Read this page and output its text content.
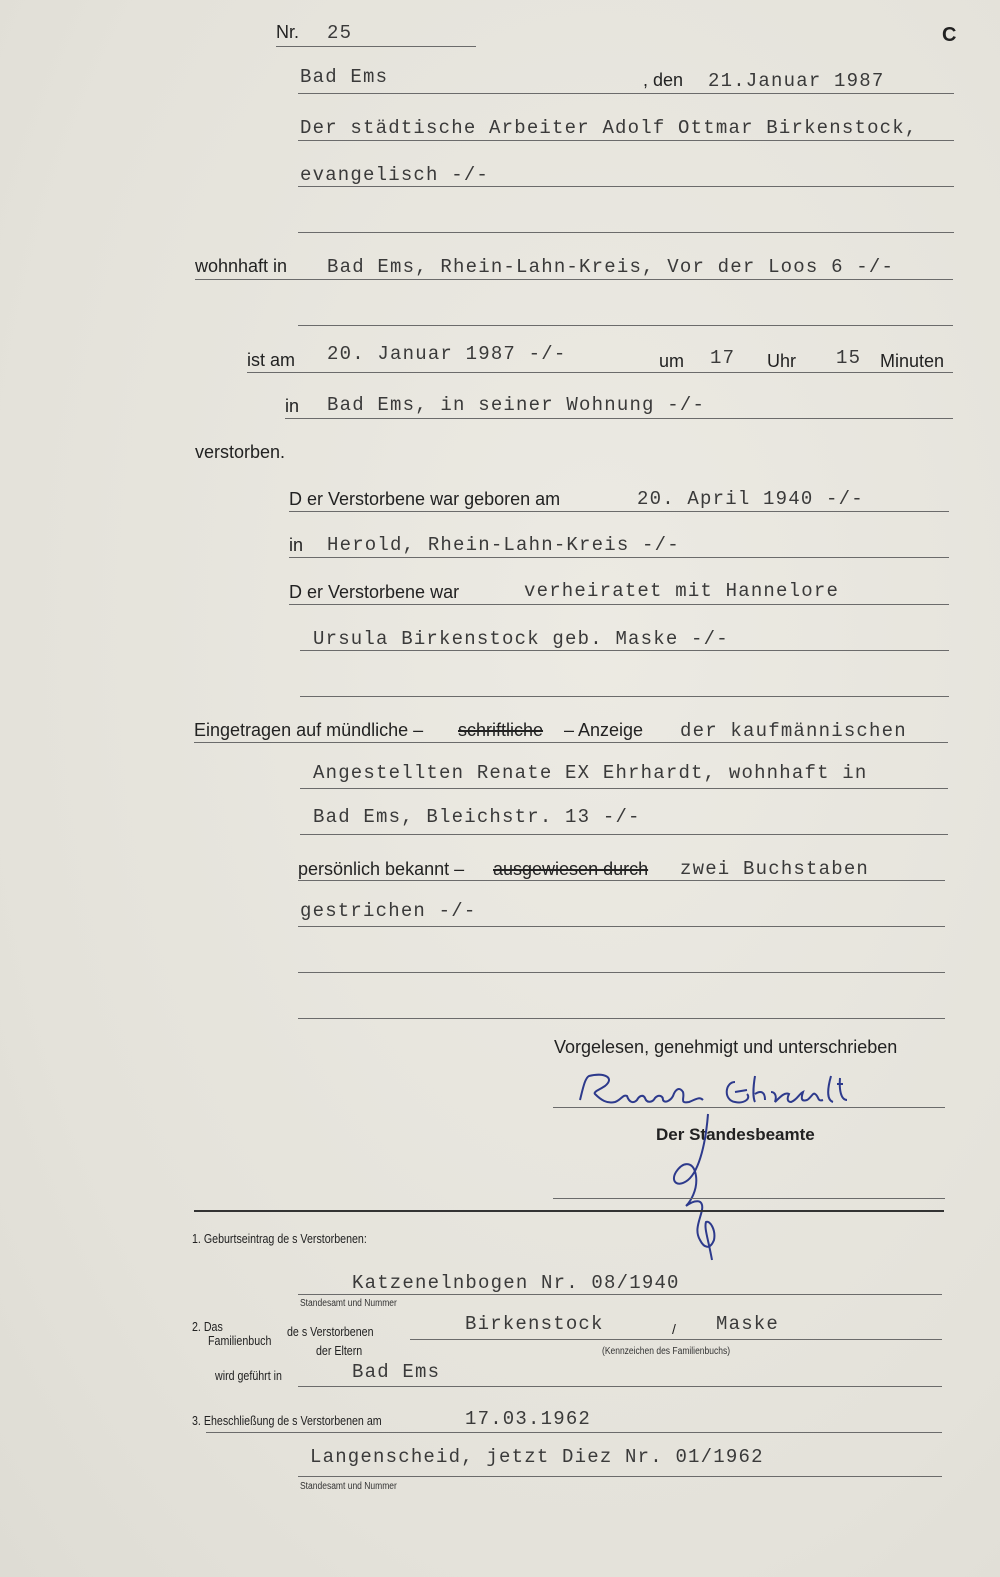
Nr. 25	C
Bad Ems	, den 21.Januar 1987
Der städtische Arbeiter Adolf Ottmar Birkenstock,
evangelisch -/-
wohnhaft in Bad Ems, Rhein-Lahn-Kreis, Vor der Loos 6 -/-
ist am 20. Januar 1987 -/-	um 17 Uhr 15 Minuten
in Bad Ems, in seiner Wohnung -/-
verstorben.
D er Verstorbene war geboren am	20. April 1940 -/-
in Herold, Rhein-Lahn-Kreis -/-
D er Verstorbene war	verheiratet mit Hannelore
Ursula Birkenstock geb. Maske -/-
Eingetragen auf mündliche – schriftliche – Anzeige der kaufmännischen
Angestellten Renate EX Ehrhardt, wohnhaft in
Bad Ems, Bleichstr. 13 -/-
persönlich bekannt – ausgewiesen durch zwei Buchstaben
gestrichen -/-
Vorgelesen, genehmigt und unterschrieben
Der Standesbeamte
1. Geburtseintrag de s Verstorbenen:
Katzenelnbogen Nr. 08/1940
Standesamt und Nummer
2. Das
Familienbuch
de s Verstorbenen	Birkenstock	/ Maske
der Eltern	(Kennzeichen des Familienbuchs)
wird geführt in	Bad Ems
3. Eheschließung de s Verstorbenen am	17.03.1962
Langenscheid, jetzt Diez Nr. 01/1962
Standesamt und Nummer
